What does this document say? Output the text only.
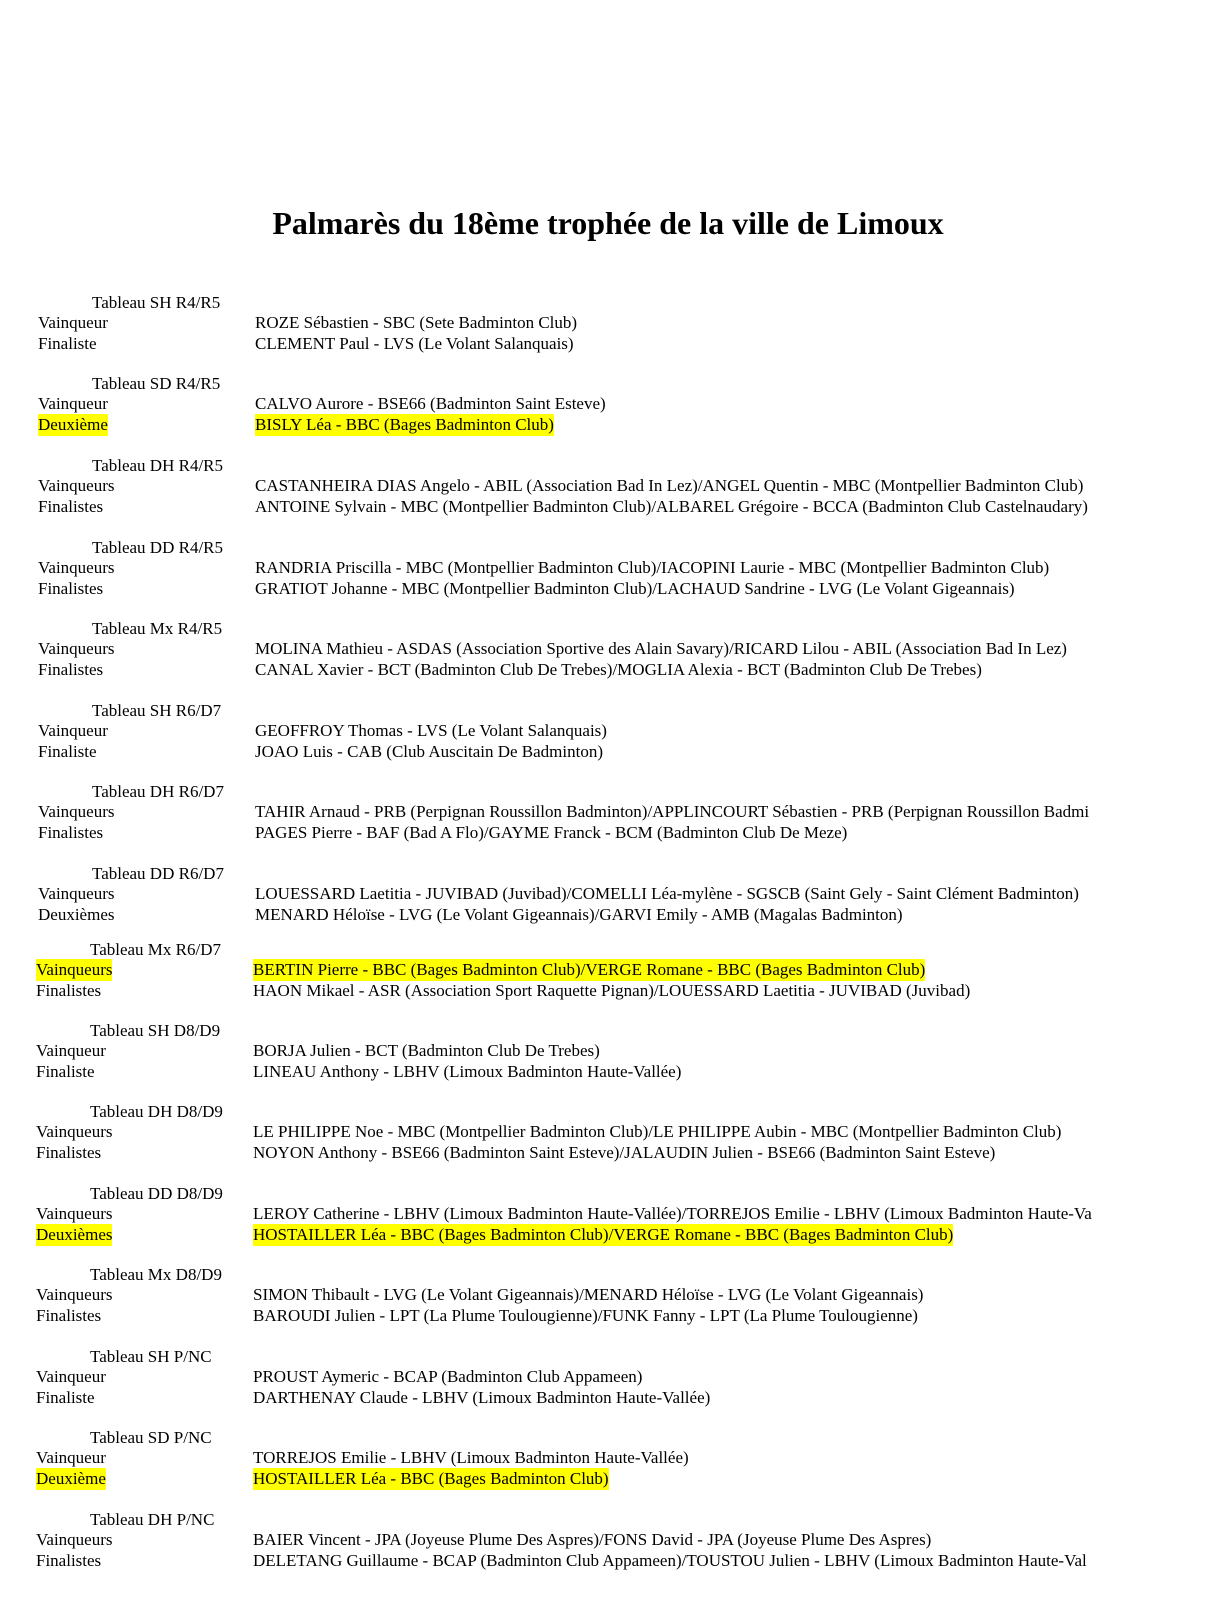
Palmarès du 18ème trophée de la ville de Limoux
Tableau SH R4/R5
Vainqueur	ROZE Sébastien - SBC (Sete Badminton Club)
Finaliste	CLEMENT Paul - LVS (Le Volant Salanquais)
Tableau SD R4/R5
Vainqueur	CALVO Aurore - BSE66 (Badminton Saint Esteve)
Deuxième	BISLY Léa - BBC (Bages Badminton Club)
Tableau DH R4/R5
Vainqueurs	CASTANHEIRA DIAS Angelo - ABIL (Association Bad In Lez)/ANGEL Quentin - MBC (Montpellier Badminton Club)
Finalistes	ANTOINE Sylvain - MBC (Montpellier Badminton Club)/ALBAREL Grégoire - BCCA (Badminton Club Castelnaudary)
Tableau DD R4/R5
Vainqueurs	RANDRIA Priscilla - MBC (Montpellier Badminton Club)/IACOPINI Laurie - MBC (Montpellier Badminton Club)
Finalistes	GRATIOT Johanne - MBC (Montpellier Badminton Club)/LACHAUD Sandrine - LVG (Le Volant Gigeannais)
Tableau Mx R4/R5
Vainqueurs	MOLINA Mathieu - ASDAS (Association Sportive des Alain Savary)/RICARD Lilou - ABIL (Association Bad In Lez)
Finalistes	CANAL Xavier - BCT (Badminton Club De Trebes)/MOGLIA Alexia - BCT (Badminton Club De Trebes)
Tableau SH R6/D7
Vainqueur	GEOFFROY Thomas - LVS (Le Volant Salanquais)
Finaliste	JOAO Luis - CAB (Club Auscitain De Badminton)
Tableau DH R6/D7
Vainqueurs	TAHIR Arnaud - PRB (Perpignan Roussillon Badminton)/APPLINCOURT Sébastien - PRB (Perpignan Roussillon Badmi
Finalistes	PAGES Pierre - BAF (Bad A Flo)/GAYME Franck - BCM (Badminton Club De Meze)
Tableau DD R6/D7
Vainqueurs	LOUESSARD Laetitia - JUVIBAD (Juvibad)/COMELLI Léa-mylène - SGSCB (Saint Gely - Saint Clément Badminton)
Deuxièmes	MENARD Héloïse - LVG (Le Volant Gigeannais)/GARVI Emily - AMB (Magalas Badminton)
Tableau Mx R6/D7
Vainqueurs	BERTIN Pierre - BBC (Bages Badminton Club)/VERGE Romane - BBC (Bages Badminton Club)
Finalistes	HAON Mikael - ASR (Association Sport Raquette Pignan)/LOUESSARD Laetitia - JUVIBAD (Juvibad)
Tableau SH D8/D9
Vainqueur	BORJA Julien - BCT (Badminton Club De Trebes)
Finaliste	LINEAU Anthony - LBHV (Limoux Badminton Haute-Vallée)
Tableau DH D8/D9
Vainqueurs	LE PHILIPPE Noe - MBC (Montpellier Badminton Club)/LE PHILIPPE Aubin - MBC (Montpellier Badminton Club)
Finalistes	NOYON Anthony - BSE66 (Badminton Saint Esteve)/JALAUDIN Julien - BSE66 (Badminton Saint Esteve)
Tableau DD D8/D9
Vainqueurs	LEROY Catherine - LBHV (Limoux Badminton Haute-Vallée)/TORREJOS Emilie - LBHV (Limoux Badminton Haute-Va
Deuxièmes	HOSTAILLER Léa - BBC (Bages Badminton Club)/VERGE Romane - BBC (Bages Badminton Club)
Tableau Mx D8/D9
Vainqueurs	SIMON Thibault - LVG (Le Volant Gigeannais)/MENARD Héloïse - LVG (Le Volant Gigeannais)
Finalistes	BAROUDI Julien - LPT (La Plume Toulougienne)/FUNK Fanny - LPT (La Plume Toulougienne)
Tableau SH P/NC
Vainqueur	PROUST Aymeric - BCAP (Badminton Club Appameen)
Finaliste	DARTHENAY Claude - LBHV (Limoux Badminton Haute-Vallée)
Tableau SD P/NC
Vainqueur	TORREJOS Emilie - LBHV (Limoux Badminton Haute-Vallée)
Deuxième	HOSTAILLER Léa - BBC (Bages Badminton Club)
Tableau DH P/NC
Vainqueurs	BAIER Vincent - JPA (Joyeuse Plume Des Aspres)/FONS David - JPA (Joyeuse Plume Des Aspres)
Finalistes	DELETANG Guillaume - BCAP (Badminton Club Appameen)/TOUSTOU Julien - LBHV (Limoux Badminton Haute-Val
